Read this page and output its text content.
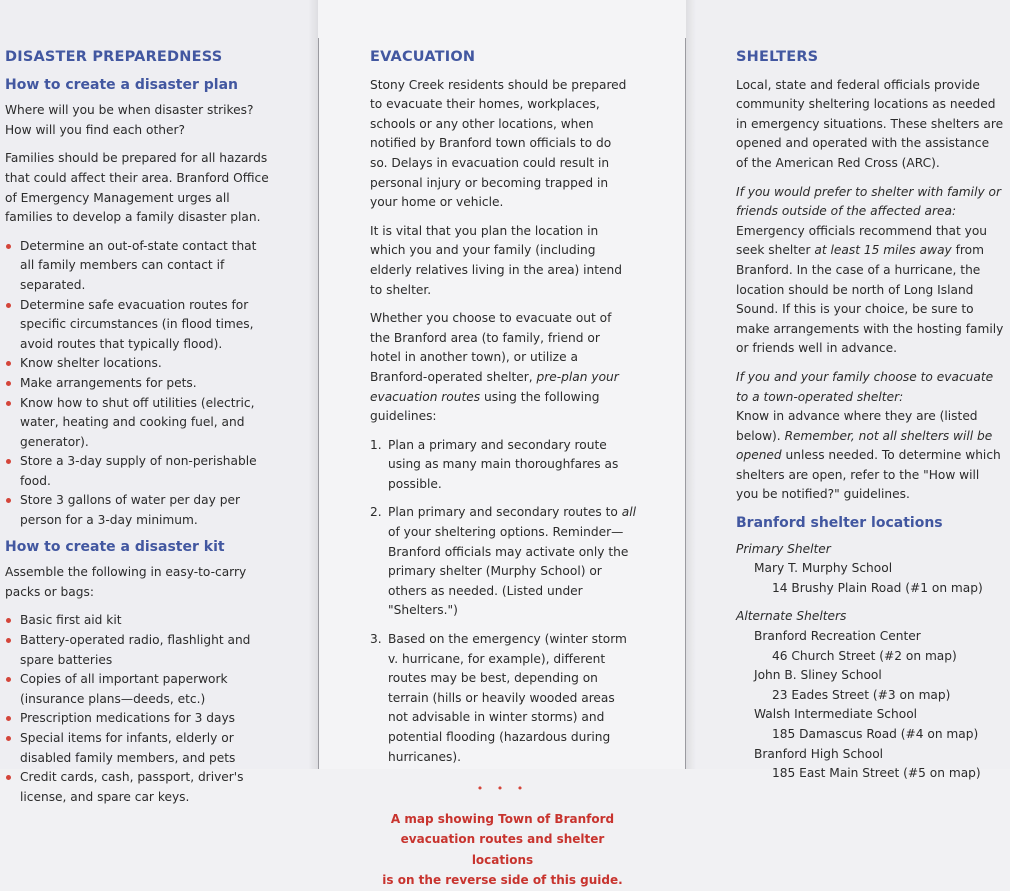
DISASTER PREPAREDNESS
How to create a disaster plan

Where will you be when disaster strikes?
How will you find each other?

Families should be prepared for all hazards that could affect their area. Branford Office of Emergency Management urges all families to develop a family disaster plan.

Determine an out-of-state contact that all family members can contact if separated.
Determine safe evacuation routes for specific circumstances (in flood times, avoid routes that typically flood).
Know shelter locations.
Make arrangements for pets.
Know how to shut off utilities (electric, water, heating and cooking fuel, and generator).
Store a 3-day supply of non-perishable food.
Store 3 gallons of water per day per person for a 3-day minimum.
How to create a disaster kit

Assemble the following in easy-to-carry packs or bags:

Basic first aid kit
Battery-operated radio, flashlight and spare batteries
Copies of all important paperwork (insurance plans—deeds, etc.)
Prescription medications for 3 days
Special items for infants, elderly or disabled family members, and pets
Credit cards, cash, passport, driver's license, and spare car keys.
EVACUATION

Stony Creek residents should be prepared to evacuate their homes, workplaces, schools or any other locations, when notified by Branford town officials to do so. Delays in evacuation could result in personal injury or becoming trapped in your home or vehicle.

It is vital that you plan the location in which you and your family (including elderly relatives living in the area) intend to shelter.

Whether you choose to evacuate out of the Branford area (to family, friend or hotel in another town), or utilize a Branford-operated shelter, pre-plan your evacuation routes using the following guidelines:

1. Plan a primary and secondary route using as many main thoroughfares as possible.
2. Plan primary and secondary routes to all of your sheltering options. Reminder—Branford officials may activate only the primary shelter (Murphy School) or others as needed. (Listed under "Shelters.")
3. Based on the emergency (winter storm v. hurricane, for example), different routes may be best, depending on terrain (hills or heavily wooded areas not advisable in winter storms) and potential flooding (hazardous during hurricanes).
• • •
A map showing Town of Branford
evacuation routes and shelter locations
is on the reverse side of this guide.
SHELTERS

Local, state and federal officials provide community sheltering locations as needed in emergency situations. These shelters are opened and operated with the assistance of the American Red Cross (ARC).

If you would prefer to shelter with family or friends outside of the affected area:
Emergency officials recommend that you seek shelter at least 15 miles away from Branford. In the case of a hurricane, the location should be north of Long Island Sound. If this is your choice, be sure to make arrangements with the hosting family or friends well in advance.

If you and your family choose to evacuate to a town-operated shelter:
Know in advance where they are (listed below). Remember, not all shelters will be opened unless needed. To determine which shelters are open, refer to the "How will you be notified?" guidelines.

Branford shelter locations
Primary Shelter
Mary T. Murphy School
14 Brushy Plain Road (#1 on map)
Alternate Shelters
Branford Recreation Center
46 Church Street (#2 on map)
John B. Sliney School
23 Eades Street (#3 on map)
Walsh Intermediate School
185 Damascus Road (#4 on map)
Branford High School
185 East Main Street (#5 on map)
